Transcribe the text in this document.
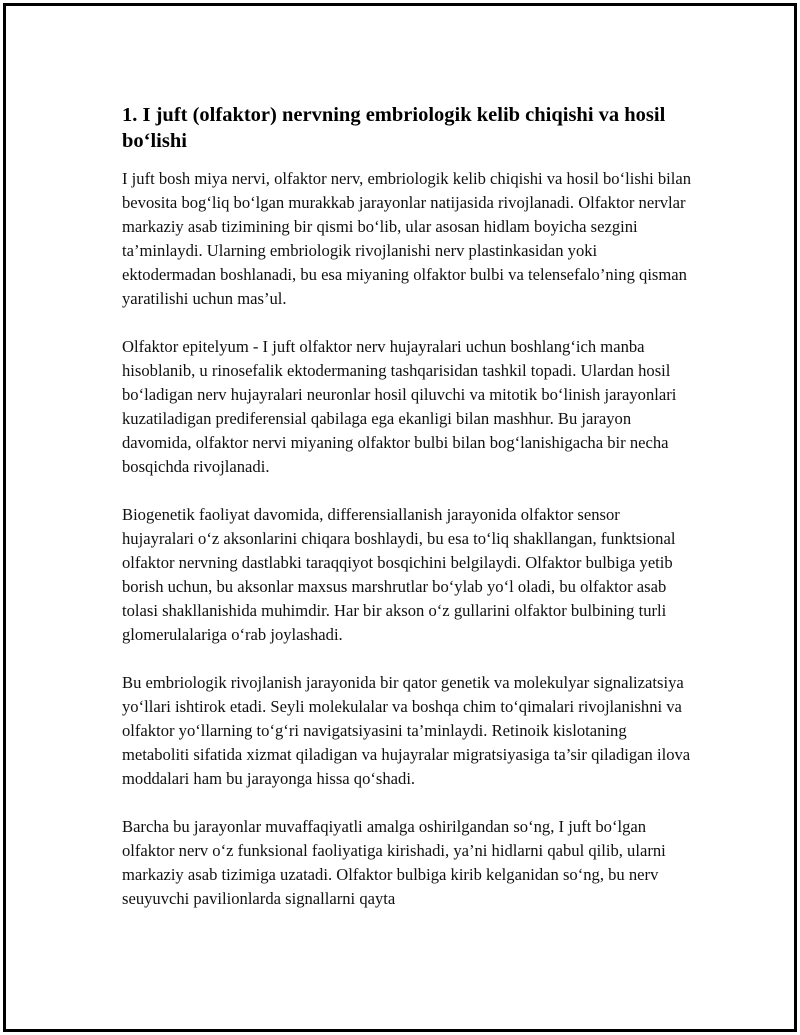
1. I juft (olfaktor) nervning embriologik kelib chiqishi va hosil bo‘lishi

I juft bosh miya nervi, olfaktor nerv, embriologik kelib chiqishi va hosil bo‘lishi bilan bevosita bog‘liq bo‘lgan murakkab jarayonlar natijasida rivojlanadi. Olfaktor nervlar markaziy asab tizimining bir qismi bo‘lib, ular asosan hidlam boyicha sezgini ta’minlaydi. Ularning embriologik rivojlanishi nerv plastinkasidan yoki ektodermadan boshlanadi, bu esa miyaning olfaktor bulbi va telensefalo’ning qisman yaratilishi uchun mas’ul.

Olfaktor epitelyum - I juft olfaktor nerv hujayralari uchun boshlang‘ich manba hisoblanib, u rinosefalik ektodermaning tashqarisidan tashkil topadi. Ulardan hosil bo‘ladigan nerv hujayralari neuronlar hosil qiluvchi va mitotik bo‘linish jarayonlari kuzatiladigan prediferensial qabilaga ega ekanligi bilan mashhur. Bu jarayon davomida, olfaktor nervi miyaning olfaktor bulbi bilan bog‘lanishigacha bir necha bosqichda rivojlanadi.

Biogenetik faoliyat davomida, differensiallanish jarayonida olfaktor sensor hujayralari o‘z aksonlarini chiqara boshlaydi, bu esa to‘liq shakllangan, funktsional olfaktor nervning dastlabki taraqqiyot bosqichini belgilaydi. Olfaktor bulbiga yetib borish uchun, bu aksonlar maxsus marshrutlar bo‘ylab yo‘l oladi, bu olfaktor asab tolasi shakllanishida muhimdir. Har bir akson o‘z gullarini olfaktor bulbining turli glomerulalariga o‘rab joylashadi.

Bu embriologik rivojlanish jarayonida bir qator genetik va molekulyar signalizatsiya yo‘llari ishtirok etadi. Seyli molekulalar va boshqa chim to‘qimalari rivojlanishni va olfaktor yo‘llarning to‘g‘ri navigatsiyasini ta’minlaydi. Retinoik kislotaning metaboliti sifatida xizmat qiladigan va hujayralar migratsiyasiga ta’sir qiladigan ilova moddalari ham bu jarayonga hissa qo‘shadi.

Barcha bu jarayonlar muvaffaqiyatli amalga oshirilgandan so‘ng, I juft bo‘lgan olfaktor nerv o‘z funksional faoliyatiga kirishadi, ya’ni hidlarni qabul qilib, ularni markaziy asab tizimiga uzatadi. Olfaktor bulbiga kirib kelganidan so‘ng, bu nerv seuyuvchi pavilionlarda signallarni qayta
